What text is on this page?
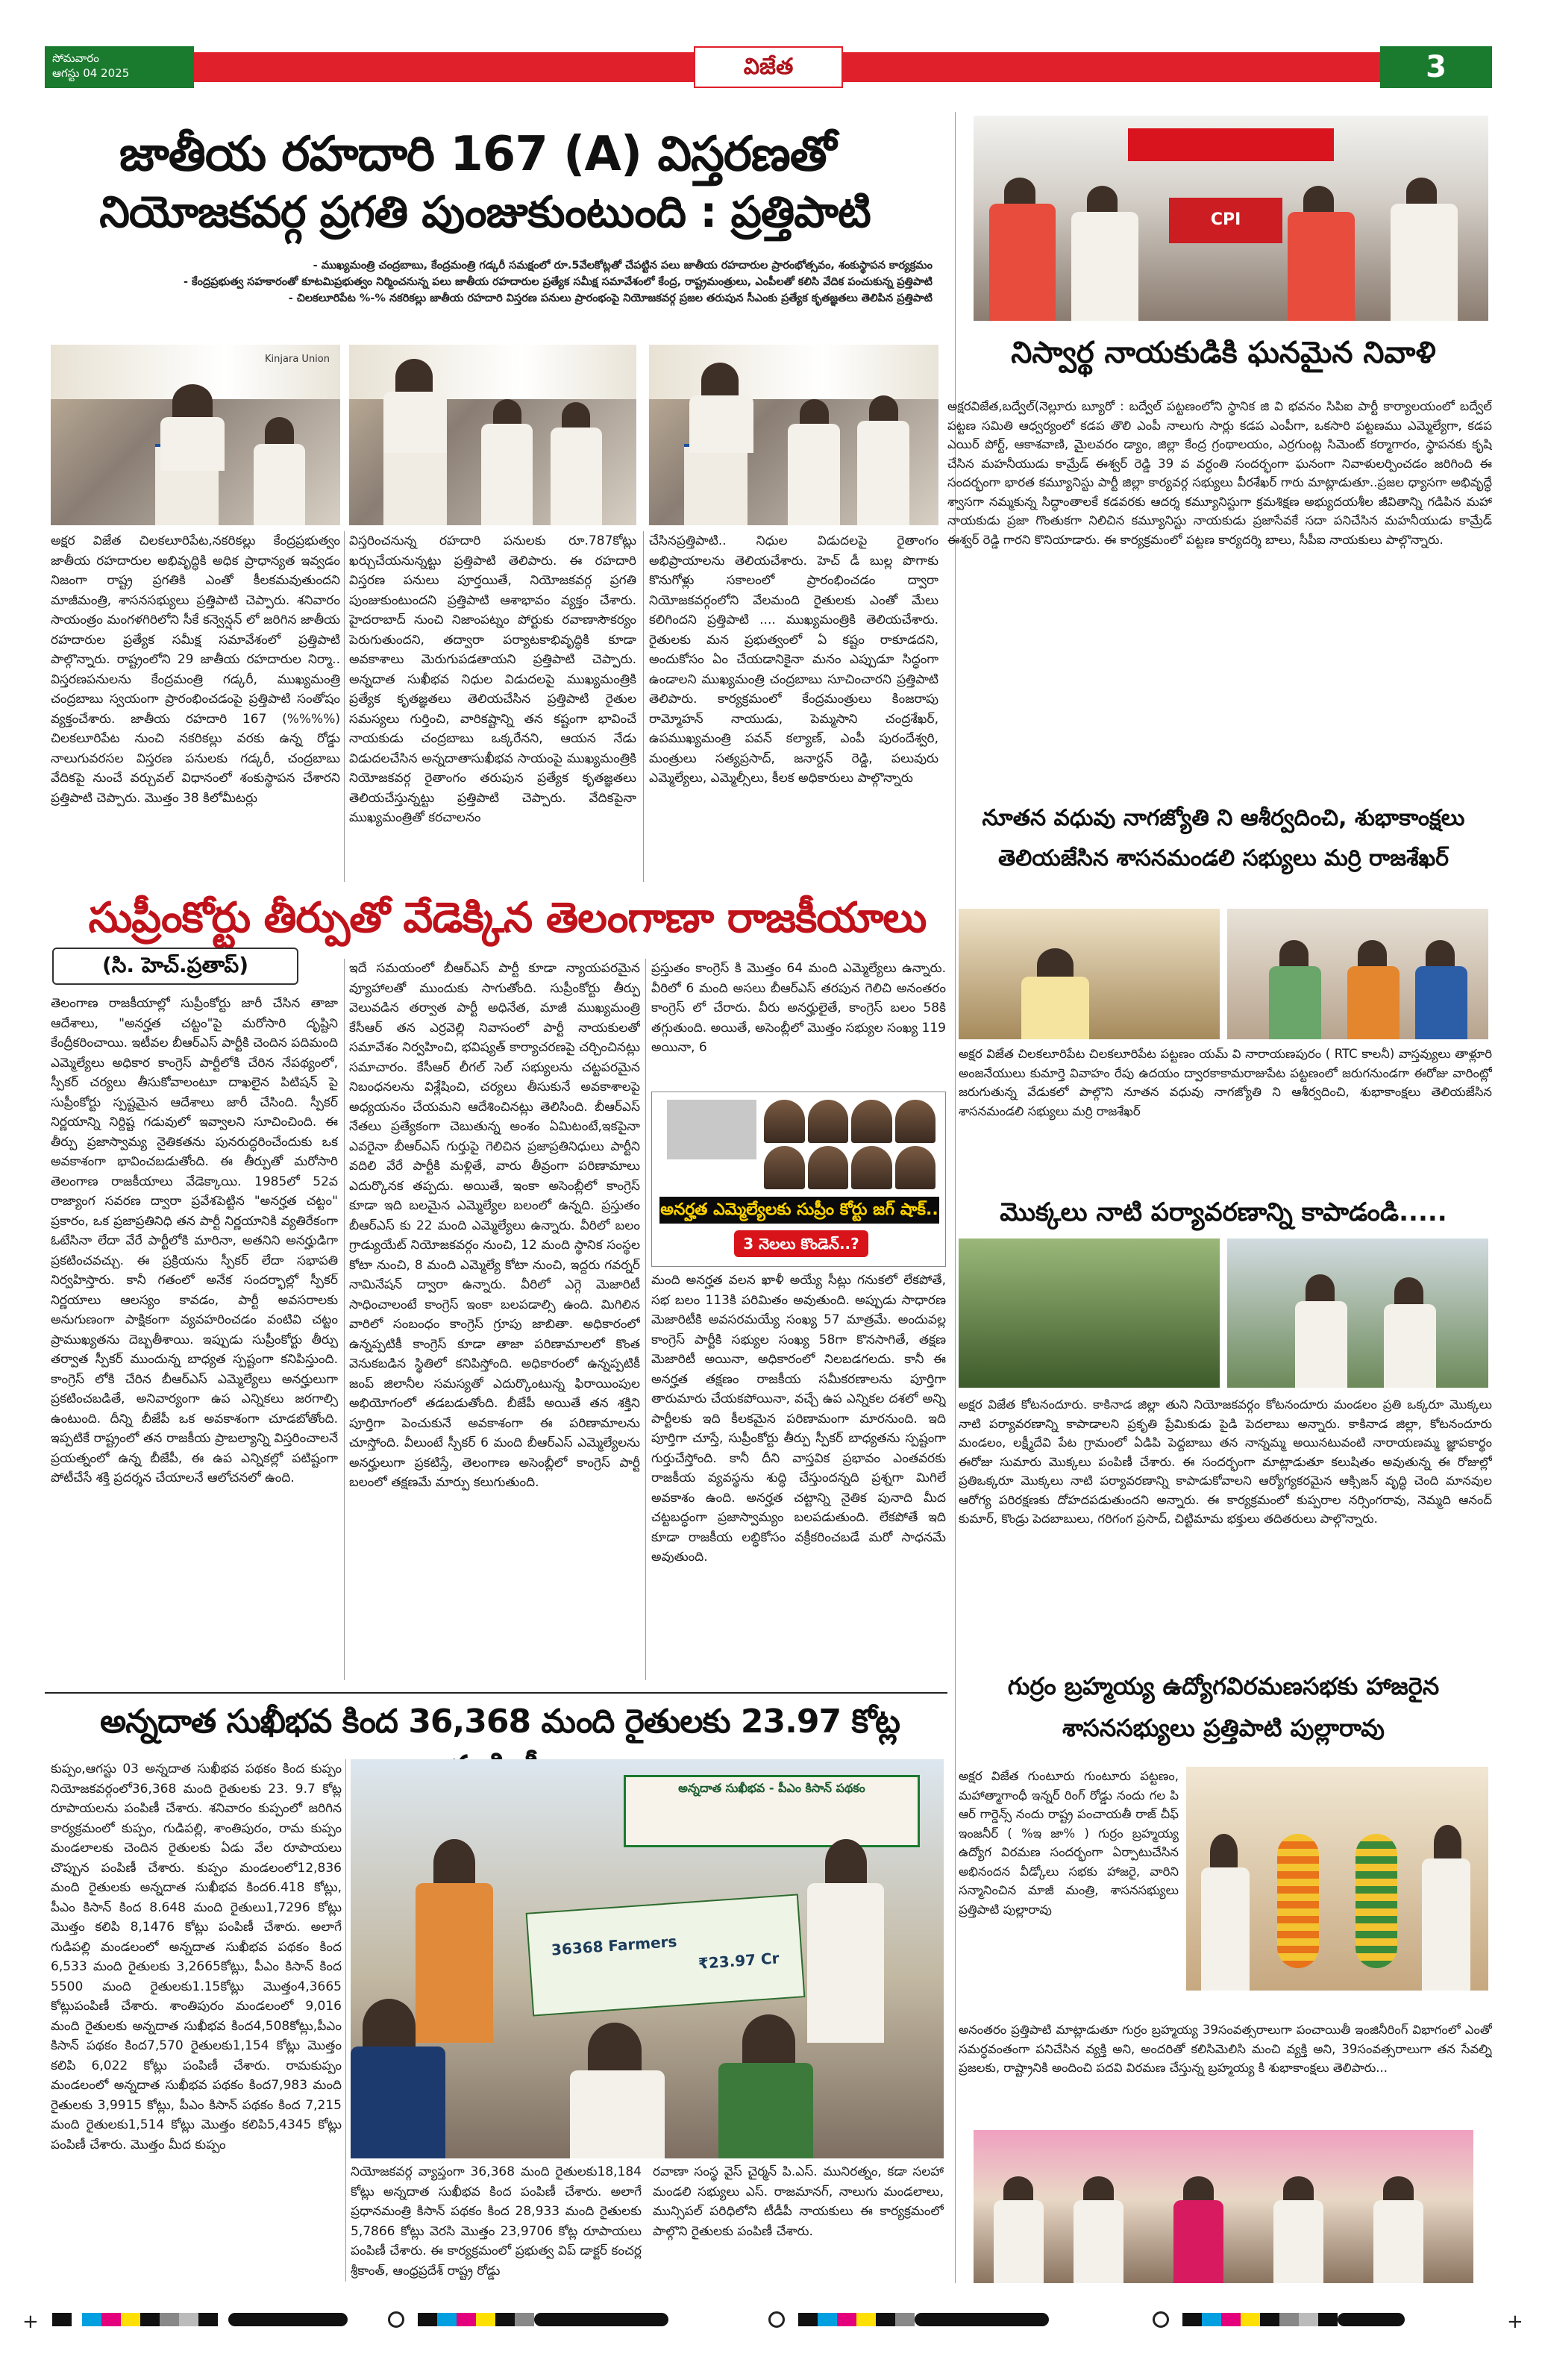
సోమవారం
ఆగస్టు 04 2025	విజేత	3
జాతీయ రహదారి 167 (A) విస్తరణతో
నియోజకవర్గ ప్రగతి పుంజుకుంటుంది : ప్రత్తిపాటి
- ముఖ్యమంత్రి చంద్రబాబు, కేంద్రమంత్రి గడ్కరీ సమక్షంలో రూ.5వేలకోట్లతో చేపట్టిన పలు జాతీయ రహదారుల ప్రారంభోత్సవం, శంకుస్థాపన కార్యక్రమం
- కేంద్రప్రభుత్వ సహకారంతో కూటమిప్రభుత్వం నిర్మించనున్న పలు జాతీయ రహదారుల ప్రత్యేక సమీక్ష సమావేశంలో కేంద్ర, రాష్ట్రమంత్రులు, ఎంపీలతో కలిసి వేదిక పంచుకున్న ప్రత్తిపాటి
- చిలకలూరిపేట %-% నకరికల్లు జాతీయ రహదారి విస్తరణ పనులు ప్రారంభంపై నియోజకవర్గ ప్రజల తరుపున సీఎంకు ప్రత్యేక కృతజ్ఞతలు తెలిపిన ప్రత్తిపాటి
Kinjara Union
అక్షర విజేత చిలకలూరిపేట,నకరికల్లు కేంద్రప్రభుత్వం జాతీయ రహదారుల అభివృద్ధికి అధిక ప్రాధాన్యత ఇవ్వడం నిజంగా రాష్ట్ర ప్రగతికి ఎంతో కీలకమవుతుందని మాజీమంత్రి, శాసనసభ్యులు ప్రత్తిపాటి చెప్పారు. శనివారం సాయంత్రం మంగళగిరిలోని సీకే కన్వెన్షన్ లో జరిగిన జాతీయ రహదారుల ప్రత్యేక సమీక్ష సమావేశంలో ప్రత్తిపాటి పాల్గొన్నారు. రాష్ట్రంలోని 29 జాతీయ రహదారుల నిర్మా.. విస్తరణపనులను కేంద్రమంత్రి గడ్కరీ, ముఖ్యమంత్రి చంద్రబాబు స్వయంగా ప్రారంభించడంపై ప్రత్తిపాటి సంతోషం వ్యక్తంచేశారు. జాతీయ రహదారి 167 (%%%%) చిలకలూరిపేట నుంచి నకరికల్లు వరకు ఉన్న రోడ్డు నాలుగువరసల విస్తరణ పనులకు గడ్కరీ, చంద్రబాబు వేదికపై నుంచే వర్చువల్ విధానంలో శంకుస్థాపన చేశారని ప్రత్తిపాటి చెప్పారు. మొత్తం 38 కిలోమీటర్లు
విస్తరించనున్న రహదారి పనులకు రూ.787కోట్లు ఖర్చుచేయనున్నట్టు ప్రత్తిపాటి తెలిపారు. ఈ రహదారి విస్తరణ పనులు పూర్తయితే, నియోజకవర్గ ప్రగతి పుంజుకుంటుందని ప్రత్తిపాటి ఆశాభావం వ్యక్తం చేశారు. హైదరాబాద్ నుంచి నిజాంపట్నం పోర్టుకు రవాణాసౌకర్యం పెరుగుతుందని, తద్వారా పర్యాటకాభివృద్ధికి కూడా అవకాశాలు మెరుగుపడతాయని ప్రత్తిపాటి చెప్పారు. అన్నదాత సుఖీభవ నిధుల విడుదలపై ముఖ్యమంత్రికి ప్రత్యేక కృతజ్ఞతలు తెలియచేసిన ప్రత్తిపాటి రైతుల సమస్యలు గుర్తించి, వారికష్టాన్ని తన కష్టంగా భావించే నాయకుడు చంద్రబాబు ఒక్కరేనని, ఆయన నేడు విడుదలచేసిన అన్నదాతాసుఖీభవ సాయంపై ముఖ్యమంత్రికి నియోజకవర్గ రైతాంగం తరుపున ప్రత్యేక కృతజ్ఞతలు తెలియచేస్తున్నట్టు ప్రత్తిపాటి చెప్పారు. వేదికపైనా ముఖ్యమంత్రితో కరచాలనం
చేసినప్రత్తిపాటి.. నిధుల విడుదలపై రైతాంగం అభిప్రాయాలను తెలియచేశారు. హెచ్ డీ బుల్ల పొగాకు కొనుగోళ్లు సకాలంలో ప్రారంభించడం ద్వారా నియోజకవర్గంలోని వేలమంది రైతులకు ఎంతో మేలు కలిగిందని ప్రత్తిపాటి .... ముఖ్యమంత్రికి తెలియచేశారు. రైతులకు మన ప్రభుత్వంలో ఏ కష్టం రాకూడదని, అందుకోసం ఏం చేయడానికైనా మనం ఎప్పుడూ సిద్ధంగా ఉండాలని ముఖ్యమంత్రి చంద్రబాబు సూచించారని ప్రత్తిపాటి తెలిపారు. కార్యక్రమంలో కేంద్రమంత్రులు కింజరాపు రామ్మోహన్ నాయుడు, పెమ్మసాని చంద్రశేఖర్, ఉపముఖ్యమంత్రి పవన్ కల్యాణ్, ఎంపీ పురందేశ్వరి, మంత్రులు సత్యప్రసాద్, జనార్దన్ రెడ్డి, పలువురు ఎమ్మెల్యేలు, ఎమ్మెల్సీలు, కీలక అధికారులు పాల్గొన్నారు
సుప్రీంకోర్టు తీర్పుతో వేడెక్కిన తెలంగాణా రాజకీయాలు
(సి. హెచ్.ప్రతాప్)
తెలంగాణ రాజకీయాల్లో సుప్రీంకోర్టు జారీ చేసిన తాజా ఆదేశాలు, "అనర్హత చట్టం"పై మరోసారి దృష్టిని కేంద్రీకరించాయి. ఇటీవల బీఆర్ఎస్ పార్టీకి చెందిన పదిమంది ఎమ్మెల్యేలు అధికార కాంగ్రెస్ పార్టీలోకి చేరిన నేపథ్యంలో, స్పీకర్ చర్యలు తీసుకోవాలంటూ దాఖలైన పిటిషన్ పై సుప్రీంకోర్టు స్పష్టమైన ఆదేశాలు జారీ చేసింది. స్పీకర్ నిర్ణయాన్ని నిర్దిష్ట గడువులో ఇవ్వాలని సూచించింది. ఈ తీర్పు ప్రజాస్వామ్య నైతికతను పునరుద్ధరించేందుకు ఒక అవకాశంగా భావించబడుతోంది. ఈ తీర్పుతో మరోసారి తెలంగాణ రాజకీయాలు వేడెక్కాయి. 1985లో 52వ రాజ్యాంగ సవరణ ద్వారా ప్రవేశపెట్టిన "అనర్హత చట్టం" ప్రకారం, ఒక ప్రజాప్రతినిధి తన పార్టీ నిర్ణయానికి వ్యతిరేకంగా ఓటేసినా లేదా వేరే పార్టీలోకి మారినా, అతనిని అనర్హుడిగా ప్రకటించవచ్చు. ఈ ప్రక్రియను స్పీకర్ లేదా సభాపతి నిర్వహిస్తారు. కానీ గతంలో అనేక సందర్భాల్లో స్పీకర్ నిర్ణయాలు ఆలస్యం కావడం, పార్టీ అవసరాలకు అనుగుణంగా పాక్షికంగా వ్యవహరించడం వంటివి చట్టం ప్రాముఖ్యతను దెబ్బతీశాయి. ఇప్పుడు సుప్రీంకోర్టు తీర్పు తర్వాత స్పీకర్ ముందున్న బాధ్యత స్పష్టంగా కనిపిస్తుంది. కాంగ్రెస్ లోకి చేరిన బీఆర్ఎస్ ఎమ్మెల్యేలు అనర్హులుగా ప్రకటించబడితే, అనివార్యంగా ఉప ఎన్నికలు జరగాల్సి ఉంటుంది. దీన్ని బీజేపీ ఒక అవకాశంగా చూడబోతోంది. ఇప్పటికే రాష్ట్రంలో తన రాజకీయ ప్రాబల్యాన్ని విస్తరించాలనే ప్రయత్నంలో ఉన్న బీజేపీ, ఈ ఉప ఎన్నికల్లో పటిష్టంగా పోటీచేసే శక్తి ప్రదర్శన చేయాలనే ఆలోచనలో ఉంది.
ఇదే సమయంలో బీఆర్ఎస్ పార్టీ కూడా న్యాయపరమైన వ్యూహాలతో ముందుకు సాగుతోంది. సుప్రీంకోర్టు తీర్పు వెలువడిన తర్వాత పార్టీ అధినేత, మాజీ ముఖ్యమంత్రి కేసీఆర్ తన ఎర్రవెల్లి నివాసంలో పార్టీ నాయకులతో సమావేశం నిర్వహించి, భవిష్యత్ కార్యాచరణపై చర్చించినట్లు సమాచారం. కేసీఆర్ లీగల్ సెల్ సభ్యులను చట్టపరమైన నిబంధనలను విశ్లేషించి, చర్యలు తీసుకునే అవకాశాలపై అధ్యయనం చేయమని ఆదేశించినట్లు తెలిసింది. బీఆర్ఎస్ నేతలు ప్రత్యేకంగా చెబుతున్న అంశం ఏమిటంటే,ఇకపైనా ఎవరైనా బీఆర్ఎస్ గుర్తుపై గెలిచిన ప్రజాప్రతినిధులు పార్టీని వదిలి వేరే పార్టీకి మళ్లితే, వారు తీవ్రంగా పరిణామాలు ఎదుర్కొనక తప్పదు. అయితే, ఇంకా అసెంబ్లీలో కాంగ్రెస్ కూడా ఇది బలమైన ఎమ్మెల్యేల బలంలో ఉన్నది. ప్రస్తుతం బీఆర్ఎస్ కు 22 మంది ఎమ్మెల్యేలు ఉన్నారు. వీరిలో బలం గ్రాడ్యుయేట్ నియోజకవర్గం నుంచి, 12 మంది స్థానిక సంస్థల కోటా నుంచి, 8 మంది ఎమ్మెల్యే కోటా నుంచి, ఇద్దరు గవర్నర్ నామినేషన్ ద్వారా ఉన్నారు. వీరిలో ఎగ్గె మెజారిటీ సాధించాలంటే కాంగ్రెస్ ఇంకా బలపడాల్సి ఉంది. మిగిలిన వారిలో సంబంధం కాంగ్రెస్ గ్రూపు జాబితా. అధికారంలో ఉన్నప్పటికీ కాంగ్రెస్ కూడా తాజా పరిణామాలలో కొంత వెనుకబడిన స్థితిలో కనిపిస్తోంది. అధికారంలో ఉన్నప్పటికీ జంప్ జిలానీల సమస్యతో ఎదుర్కొంటున్న ఫిరాయింపుల అభియోగంలో తడబడుతోంది. బీజేపీ అయితే తన శక్తిని పూర్తిగా పెంచుకునే అవకాశంగా ఈ పరిణామాలను చూస్తోంది. వీలుంటే స్పీకర్ 6 మంది బీఆర్ఎస్ ఎమ్మెల్యేలను అనర్హులుగా ప్రకటిస్తే, తెలంగాణ అసెంబ్లీలో కాంగ్రెస్ పార్టీ బలంలో తక్షణమే మార్పు కలుగుతుంది.
ప్రస్తుతం కాంగ్రెస్ కి మొత్తం 64 మంది ఎమ్మెల్యేలు ఉన్నారు. వీరిలో 6 మంది అసలు బీఆర్ఎస్ తరపున గెలిచి అనంతరం కాంగ్రెస్ లో చేరారు. వీరు అనర్హులైతే, కాంగ్రెస్ బలం 58కి తగ్గుతుంది. అయితే, అసెంబ్లీలో మొత్తం సభ్యుల సంఖ్య 119 అయినా, 6
అనర్హత ఎమ్మెల్యేలకు సుప్రీం కోర్టు జగ్ షాక్..
3 నెలలు కొండెన్..?
మంది అనర్హత వలన ఖాళీ అయ్యే సీట్లు గనుకలో లేకపోతే, సభ బలం 113కి పరిమితం అవుతుంది. అప్పుడు సాధారణ మెజారిటీకి అవసరమయ్యే సంఖ్య 57 మాత్రమే. అందువల్ల కాంగ్రెస్ పార్టీకి సభ్యుల సంఖ్య 58గా కొనసాగితే, తక్షణ మెజారిటీ అయినా, అధికారంలో నిలబడగలదు. కానీ ఈ అనర్హత తక్షణం రాజకీయ సమీకరణాలను పూర్తిగా తారుమారు చేయకపోయినా, వచ్చే ఉప ఎన్నికల దశలో అన్ని పార్టీలకు ఇది కీలకమైన పరిణామంగా మారనుంది. ఇది పూర్తిగా చూస్తే, సుప్రీంకోర్టు తీర్పు స్పీకర్ బాధ్యతను స్పష్టంగా గుర్తుచేస్తోంది. కానీ దీని వాస్తవిక ప్రభావం ఎంతవరకు రాజకీయ వ్యవస్థను శుద్ధి చేస్తుందన్నది ప్రశ్నగా మిగిలే అవకాశం ఉంది. అనర్హత చట్టాన్ని నైతిక పునాది మీద చట్టబద్ధంగా ప్రజాస్వామ్యం బలపడుతుంది. లేకపోతే ఇది కూడా రాజకీయ లబ్ధికోసం వక్రీకరించబడే మరో సాధనమే అవుతుంది.
అన్నదాత సుఖీభవ కింద 36,368 మంది రైతులకు 23.97 కోట్ల
కుప్పం,ఆగస్టు 03 అన్నదాత సుఖీభవ పథకం కింద కుప్పం నియోజకవర్గంలో36,368 మంది రైతులకు 23. 9.7 కోట్ల రూపాయలను పంపిణీ చేశారు. శనివారం కుప్పంలో జరిగిన కార్యక్రమంలో కుప్పం, గుడిపల్లి, శాంతిపురం, రామ కుప్పం మండలాలకు చెందిన రైతులకు ఏడు వేల రూపాయలు చొప్పున పంపిణీ చేశారు. కుప్పం మండలంలో12,836 మంది రైతులకు అన్నదాత సుఖీభవ కింద6.418 కోట్లు, పీఎం కిసాన్ కింద 8.648 మంది రైతులు1,7296 కోట్లు మొత్తం కలిపి 8,1476 కోట్లు పంపిణీ చేశారు. అలాగే గుడిపల్లి మండలంలో అన్నదాత సుఖీభవ పథకం కింద 6,533 మంది రైతులకు 3,2665కోట్లు, పీఎం కిసాన్ కింద 5500 మంది రైతులకు1.15కోట్లు మొత్తం4,3665 కోట్లుపంపిణీ చేశారు. శాంతిపురం మండలంలో 9,016 మంది రైతులకు అన్నదాత సుఖీభవ కింద4,508కోట్లు,పీఎం కిసాన్ పథకం కింద7,570 రైతులకు1,154 కోట్లు మొత్తం కలిపి 6,022 కోట్లు పంపిణీ చేశారు. రామకుప్పం మండలంలో అన్నదాత సుఖీభవ పథకం కింద7,983 మంది రైతులకు 3,9915 కోట్లు, పీఎం కిసాన్ పథకం కింద 7,215 మంది రైతులకు1,514 కోట్లు మొత్తం కలిపి5,4345 కోట్లు పంపిణీ చేశారు. మొత్తం మీద కుప్పం
అన్నదాత సుఖీభవ - పీఎం కిసాన్ పథకం
36368 Farmers
₹23.97 Cr
నియోజకవర్గ వ్యాప్తంగా 36,368 మంది రైతులకు18,184 కోట్లు అన్నదాత సుఖీభవ కింద పంపిణీ చేశారు. అలాగే ప్రధానమంత్రి కిసాన్ పథకం కింద 28,933 మంది రైతులకు 5,7866 కోట్లు వెరసి మొత్తం 23,9706 కోట్ల రూపాయలు పంపిణీ చేశారు. ఈ కార్యక్రమంలో ప్రభుత్వ విప్ డాక్టర్ కంచర్ల శ్రీకాంత్, ఆంధ్రప్రదేశ్ రాష్ట్ర రోడ్డు
రవాణా సంస్థ వైస్ చైర్మన్ పి.ఎస్. మునిరత్నం, కడా సలహా మండలి సభ్యులు ఎస్. రాజమానగ్, నాలుగు మండలాలు, మున్సిపల్ పరిధిలోని టీడీపీ నాయకులు ఈ కార్యక్రమంలో పాల్గొని రైతులకు పంపిణీ చేశారు.
CPI
నిస్వార్థ నాయకుడికి ఘనమైన నివాళి
అక్షరవిజేత,బద్వేల్(నెల్లూరు బ్యూరో : బద్వేల్ పట్టణంలోని స్థానిక జి వి భవనం సిపిఐ పార్టీ కార్యాలయంలో బద్వేల్ పట్టణ సమితి ఆధ్వర్యంలో కడప తొలి ఎంపీ నాలుగు సార్లు కడప ఎంపీగా, ఒకసారి పట్టణము ఎమ్మెల్యేగా, కడప ఎయిర్ పోర్ట్, ఆకాశవాణి, మైలవరం డ్యాం, జిల్లా కేంద్ర గ్రంథాలయం, ఎర్రగుంట్ల సిమెంట్ కర్మాగారం, స్థాపనకు కృషి చేసిన మహనీయుడు కామ్రేడ్ ఈశ్వర్ రెడ్డి 39 వ వర్ధంతి సందర్భంగా ఘనంగా నివాళులర్పించడం జరిగింది ఈ సందర్భంగా భారత కమ్యూనిస్టు పార్టీ జిల్లా కార్యవర్గ సభ్యులు వీరశేఖర్ గారు మాట్లాడుతూ..ప్రజల ధ్యాసగా అభివృద్ధే శ్వాసగా నమ్మకున్న సిద్ధాంతాలకే కడవరకు ఆదర్శ కమ్యూనిస్టుగా క్రమశిక్షణ అభ్యుదయశీల జీవితాన్ని గడిపిన మహా నాయకుడు ప్రజా గొంతుకగా నిలిచిన కమ్యూనిస్టు నాయకుడు ప్రజాసేవకే సదా పనిచేసిన మహనీయుడు కామ్రేడ్ ఈశ్వర్ రెడ్డి గారని కొనియాడారు. ఈ కార్యక్రమంలో పట్టణ కార్యదర్శి బాలు, సీపీఐ నాయకులు పాల్గొన్నారు.
నూతన వధువు నాగజ్యోతి ని ఆశీర్వదించి, శుభాకాంక్షలు
తెలియజేసిన శాసనమండలి సభ్యులు మర్రి రాజశేఖర్
అక్షర విజేత చిలకలూరిపేట చిలకలూరిపేట పట్టణం యమ్ వి నారాయణపురం ( RTC కాలనీ) వాస్తవ్యులు తాళ్లూరి అంజనేయులు కుమార్తె వివాహం రేపు ఉదయం ద్వారకాకామరాజుపేట పట్టణంలో జరుగనుండగా ఈరోజు వారింట్లో జరుగుతున్న వేడుకలో పాల్గొని నూతన వధువు నాగజ్యోతి ని ఆశీర్వదించి, శుభాకాంక్షలు తెలియజేసిన శాసనమండలి సభ్యులు మర్రి రాజశేఖర్
మొక్కలు నాటి పర్యావరణాన్ని కాపాడండి.....
అక్షర విజేత కోటనందూరు. కాకినాడ జిల్లా తుని నియోజకవర్గం కోటనందూరు మండలం ప్రతి ఒక్కరూ మొక్కలు నాటి పర్యావరణాన్ని కాపాడాలని ప్రకృతి ప్రేమికుడు పైడి పెదలాబు అన్నారు. కాకినాడ జిల్లా, కోటనందూరు మండలం, లక్ష్మీదేవి పేట గ్రామంలో ఏడిపి పెద్దబాబు తన నాన్నమ్మ అయినటువంటి నారాయణమ్మ జ్ఞాపకార్థం ఈరోజు సుమారు మొక్కలు పంపిణీ చేశారు. ఈ సందర్భంగా మాట్లాడుతూ కలుషితం అవుతున్న ఈ రోజుల్లో ప్రతిఒక్కరూ మొక్కలు నాటి పర్యావరణాన్ని కాపాడుకోవాలని ఆర్యోగ్యకరమైన ఆక్సిజన్ వృద్ధి చెంది మానవుల ఆరోగ్య పరిరక్షణకు దోహదపడుతుందని అన్నారు. ఈ కార్యక్రమంలో కుప్పరాల నర్సింగరావు, నెమ్మది ఆనంద్ కుమార్, కొండ్రు పెదబాబులు, గరిగంగ ప్రసాద్, చిట్టిమామ భక్తులు తదితరులు పాల్గొన్నారు.
గుర్రం బ్రహ్మయ్య ఉద్యోగవిరమణసభకు హాజరైన
శాసనసభ్యులు ప్రత్తిపాటి పుల్లారావు
అక్షర విజేత గుంటూరు గుంటూరు పట్టణం, మహాత్మాగాంధీ ఇన్నర్ రింగ్ రోడ్డు నందు గల పి ఆర్ గార్డెన్స్ నందు రాష్ట్ర పంచాయతీ రాజ్ చీఫ్ ఇంజనీర్ ( %ఇ జా% ) గుర్రం బ్రహ్మయ్య ఉద్యోగ విరమణ సందర్భంగా ఏర్పాటుచేసిన అభినందన వీడ్కోలు సభకు హాజరై, వారిని సన్మానించిన మాజీ మంత్రి, శాసనసభ్యులు ప్రత్తిపాటి పుల్లారావు
అనంతరం ప్రత్తిపాటి మాట్లాడుతూ గుర్రం బ్రహ్మయ్య 39సంవత్సరాలుగా పంచాయితీ ఇంజినీరింగ్ విభాగంలో ఎంతో సమర్ధవంతంగా పనిచేసిన వ్యక్తి అని, అందరితో కలిసిమెలిసి మంచి వ్యక్తి అని, 39సంవత్సరాలుగా తన సేవల్ని ప్రజలకు, రాష్ట్రానికి అందించి పదవి విరమణ చేస్తున్న బ్రహ్మయ్య కి శుభాకాంక్షలు తెలిపారు...
+	+
